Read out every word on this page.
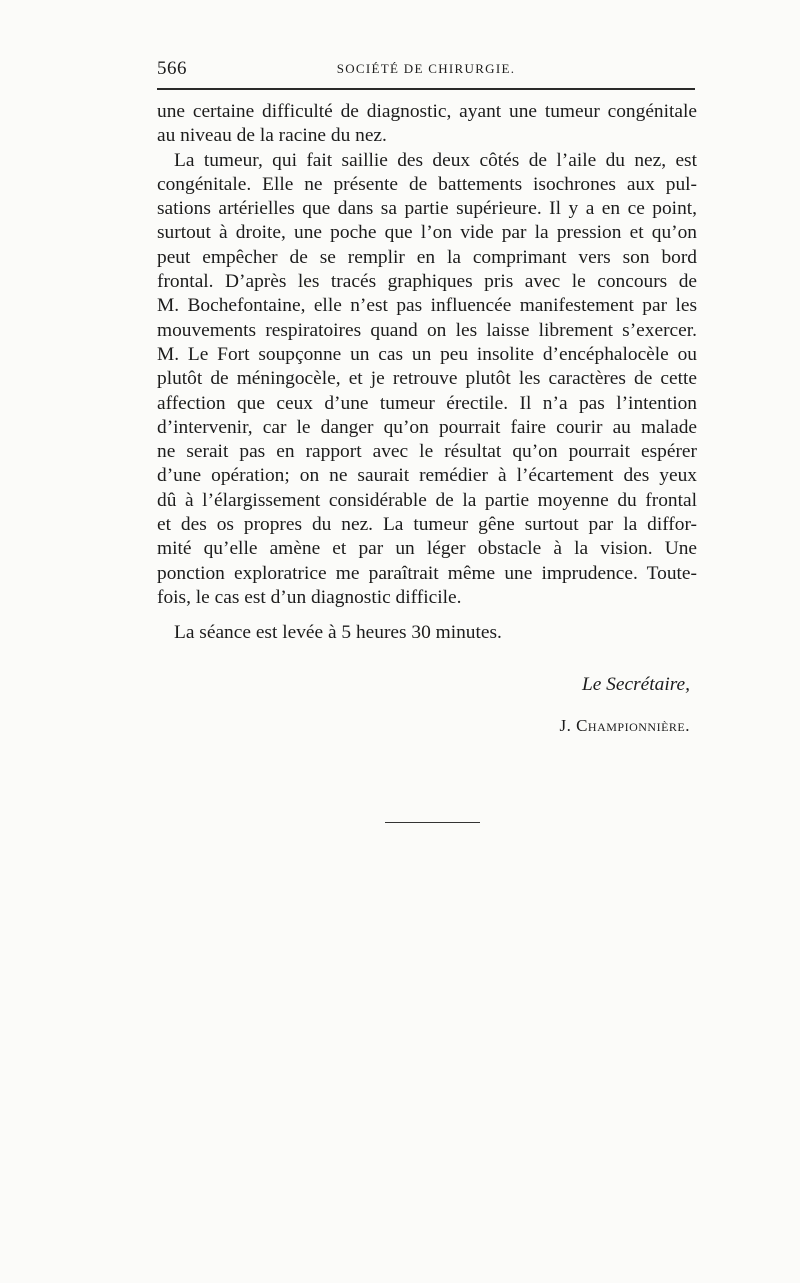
566	SOCIÉTÉ DE CHIRURGIE.

une certaine difficulté de diagnostic, ayant une tumeur congénitale

au niveau de la racine du nez.

La tumeur, qui fait saillie des deux côtés de l’aile du nez, est

congénitale. Elle ne présente de battements isochrones aux pul-

sations artérielles que dans sa partie supérieure. Il y a en ce point,

surtout à droite, une poche que l’on vide par la pression et qu’on

peut empêcher de se remplir en la comprimant vers son bord

frontal. D’après les tracés graphiques pris avec le concours de

M. Bochefontaine, elle n’est pas influencée manifestement par les

mouvements respiratoires quand on les laisse librement s’exercer.

M. Le Fort soupçonne un cas un peu insolite d’encéphalocèle ou

plutôt de méningocèle, et je retrouve plutôt les caractères de cette

affection que ceux d’une tumeur érectile. Il n’a pas l’intention

d’intervenir, car le danger qu’on pourrait faire courir au malade

ne serait pas en rapport avec le résultat qu’on pourrait espérer

d’une opération; on ne saurait remédier à l’écartement des yeux

dû à l’élargissement considérable de la partie moyenne du frontal

et des os propres du nez. La tumeur gêne surtout par la diffor-

mité qu’elle amène et par un léger obstacle à la vision. Une

ponction exploratrice me paraîtrait même une imprudence. Toute-

fois, le cas est d’un diagnostic difficile.

La séance est levée à 5 heures 30 minutes.
Le Secrétaire,
J. Championnière.
